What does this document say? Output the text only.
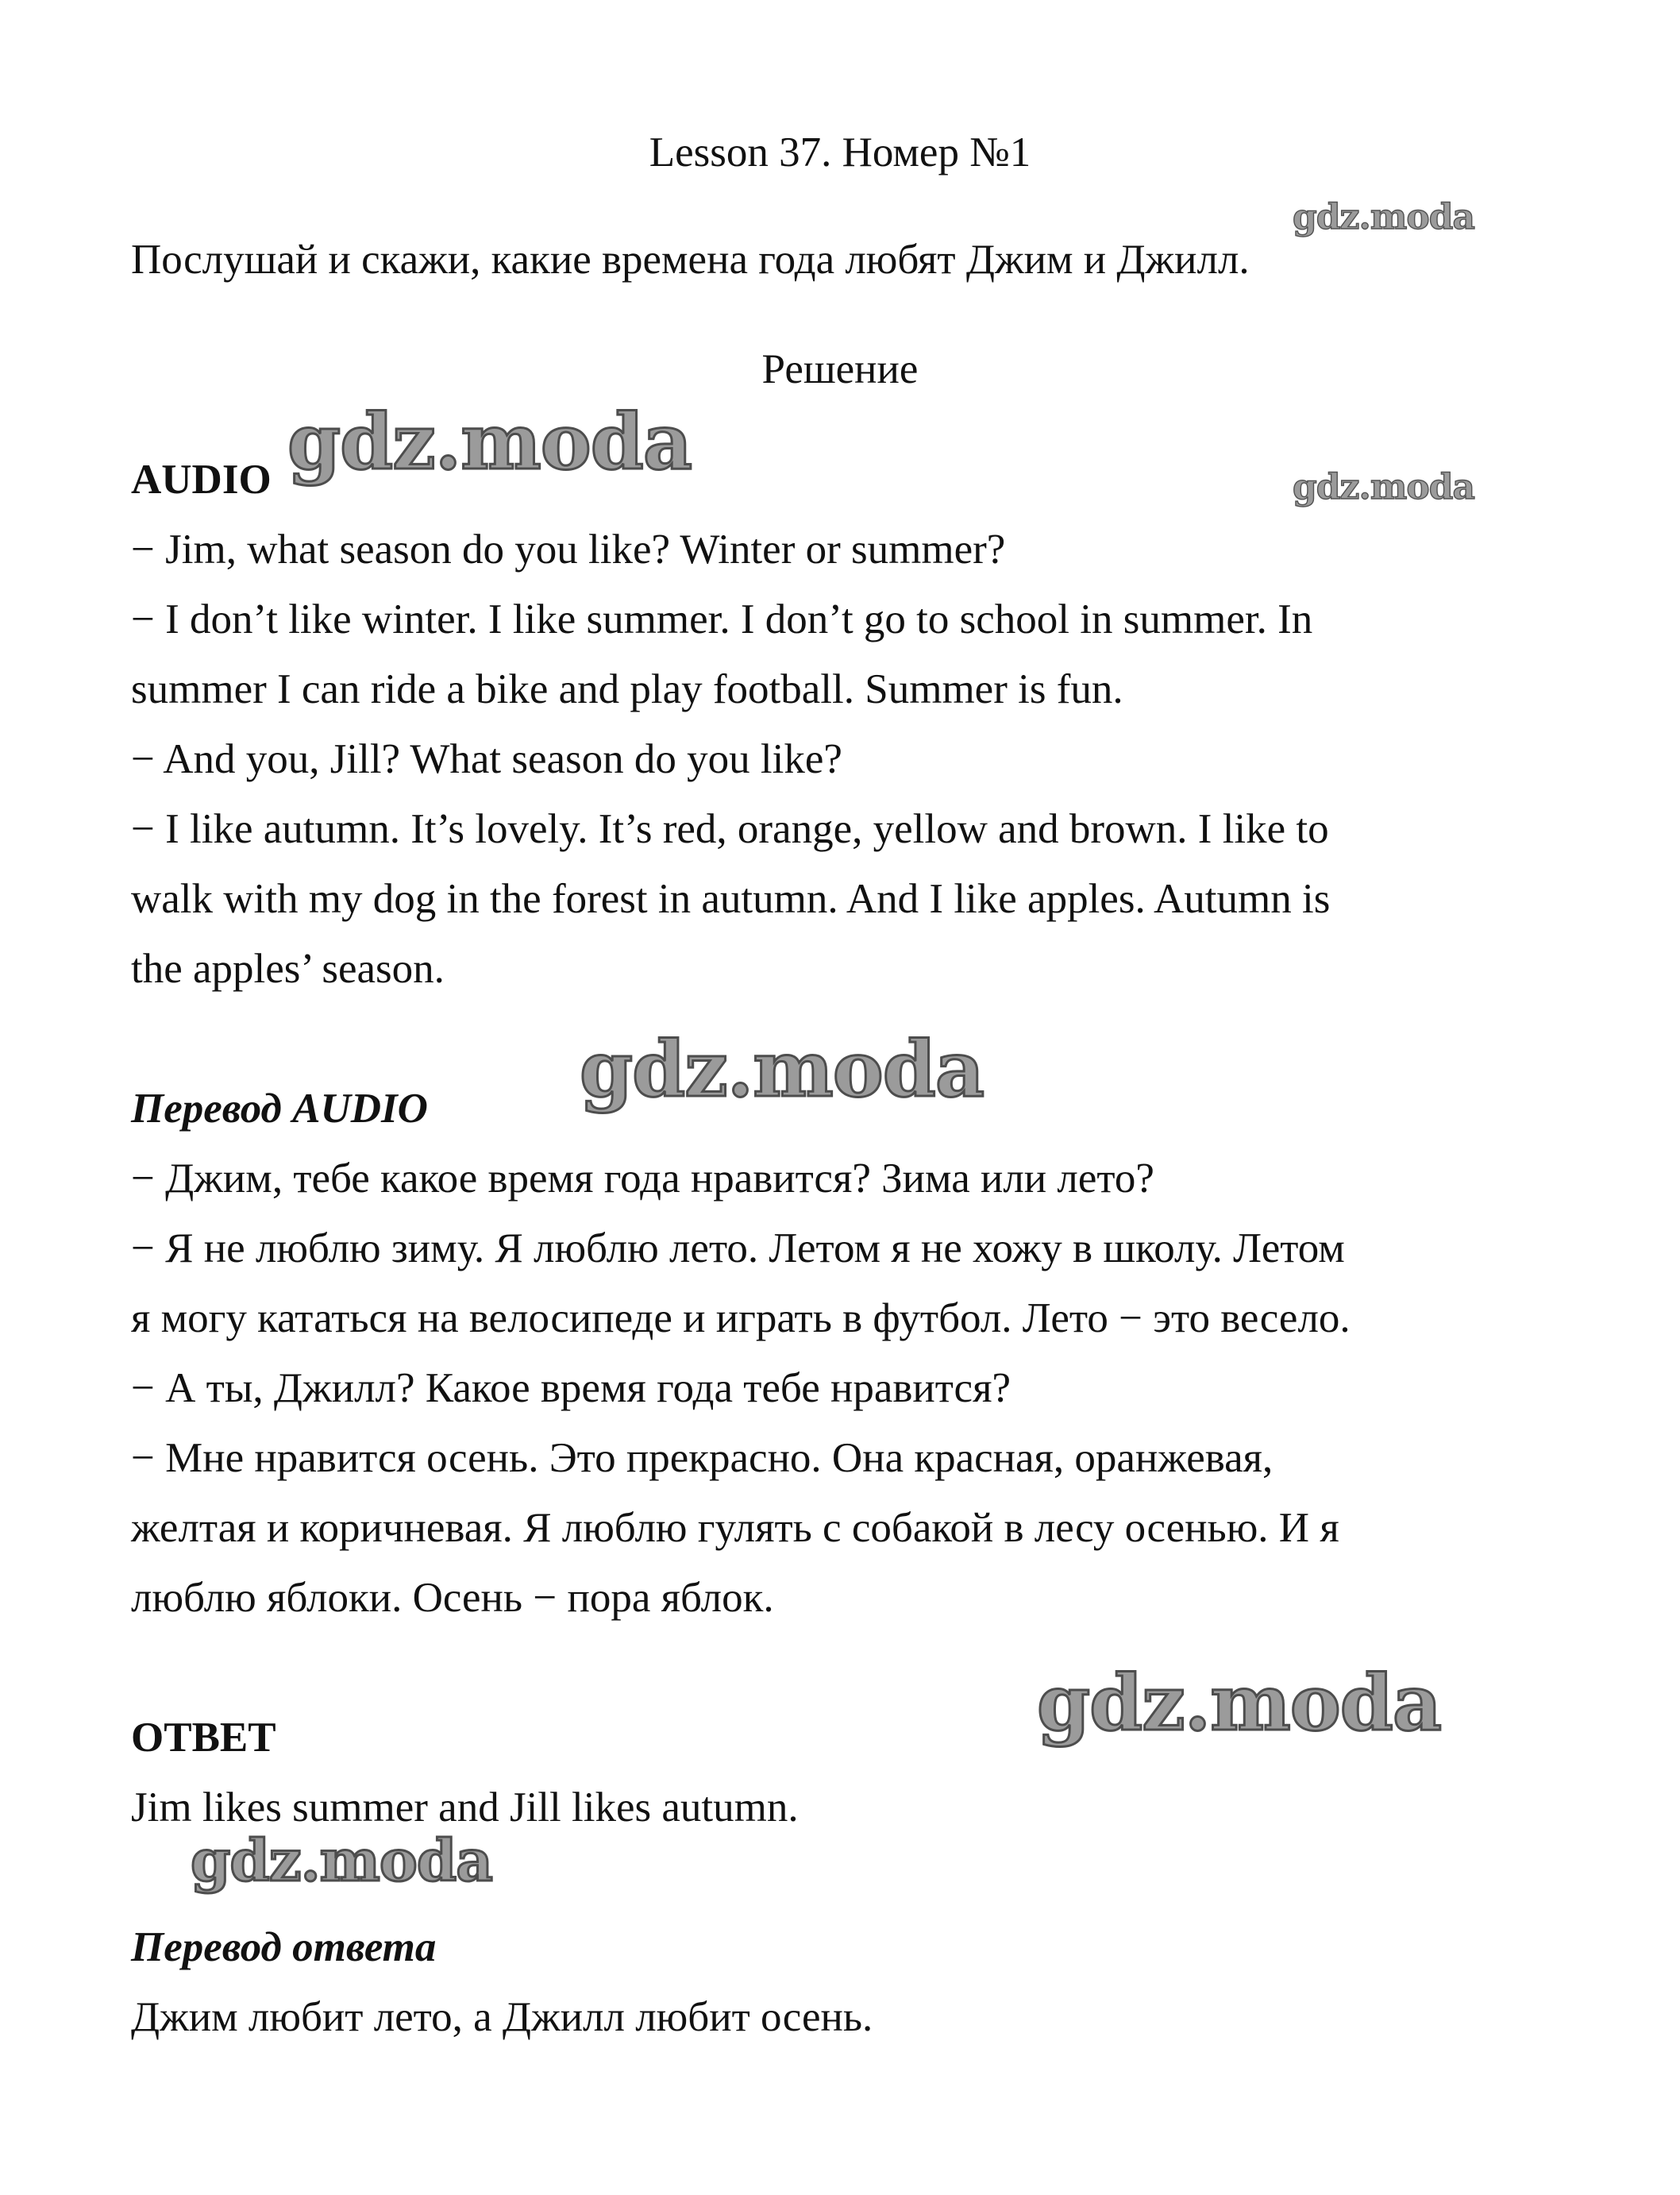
Lesson 37. Номер №1
Послушай и скажи, какие времена года любят Джим и Джилл.
Решение
AUDIO
− Jim, what season do you like? Winter or summer?
− I don’t like winter. I like summer. I don’t go to school in summer. In
summer I can ride a bike and play football. Summer is fun.
− And you, Jill? What season do you like?
− I like autumn. It’s lovely. It’s red, orange, yellow and brown. I like to
walk with my dog in the forest in autumn. And I like apples. Autumn is
the apples’ season.
Перевод AUDIO
− Джим, тебе какое время года нравится? Зима или лето?
− Я не люблю зиму. Я люблю лето. Летом я не хожу в школу. Летом
я могу кататься на велосипеде и играть в футбол. Лето − это весело.
− А ты, Джилл? Какое время года тебе нравится?
− Мне нравится осень. Это прекрасно. Она красная, оранжевая,
желтая и коричневая. Я люблю гулять с собакой в лесу осенью. И я
люблю яблоки. Осень − пора яблок.
ОТВЕТ
Jim likes summer and Jill likes autumn.
Перевод ответа
Джим любит лето, а Джилл любит осень.
gdz.moda
gdz.moda
gdz.moda
gdz.moda
gdz.moda
gdz.moda
